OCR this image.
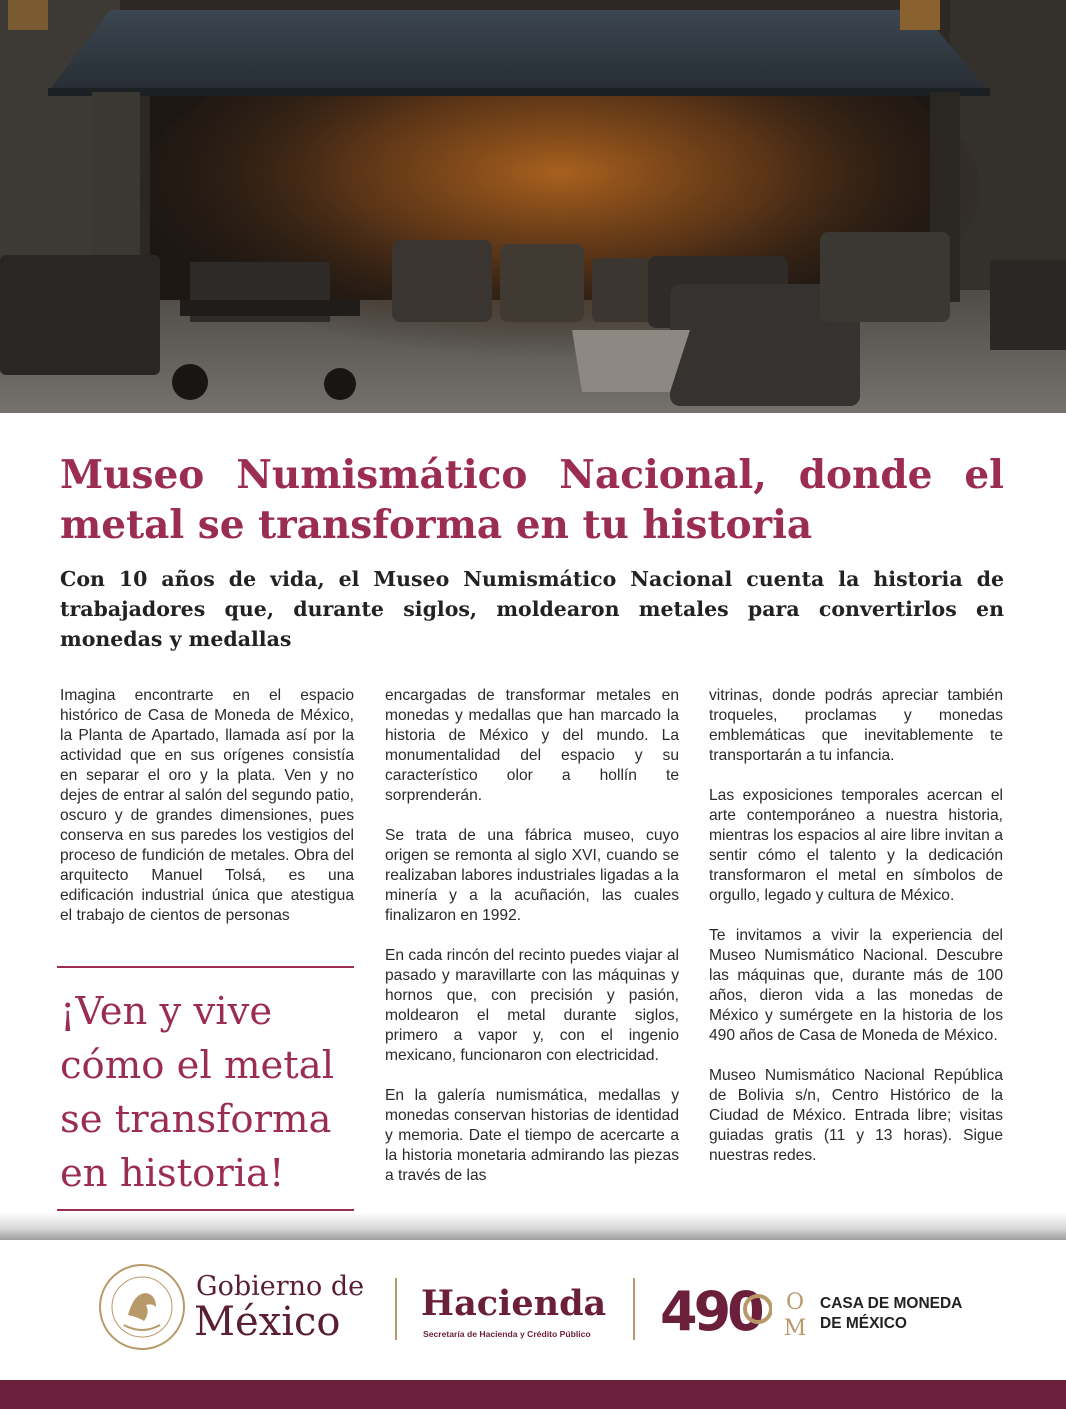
Museo Numismático Nacional, donde el metal se transforma en tu historia
Con 10 años de vida, el Museo Numismático Nacional cuenta la historia de trabajadores que, durante siglos, moldearon metales para convertirlos en monedas y medallas

Imagina encontrarte en el espacio histórico de Casa de Moneda de México, la Planta de Apartado, llamada así por la actividad que en sus orígenes consistía en separar el oro y la plata. Ven y no dejes de entrar al salón del segundo patio, oscuro y de grandes dimensiones, pues conserva en sus paredes los vestigios del proceso de fundición de metales. Obra del arquitecto Manuel Tolsá, es una edificación industrial única que atestigua el trabajo de cientos de personas

¡Ven y vive cómo el metal se transforma en historia!

encargadas de transformar metales en monedas y medallas que han marcado la historia de México y del mundo. La monumentalidad del espacio y su característico olor a hollín te sorprenderán.

Se trata de una fábrica museo, cuyo origen se remonta al siglo XVI, cuando se realizaban labores industriales ligadas a la minería y a la acuñación, las cuales finalizaron en 1992.

En cada rincón del recinto puedes viajar al pasado y maravillarte con las máquinas y hornos que, con precisión y pasión, moldearon el metal durante siglos, primero a vapor y, con el ingenio mexicano, funcionaron con electricidad.

En la galería numismática, medallas y monedas conservan historias de identidad y memoria. Date el tiempo de acercarte a la historia monetaria admirando las piezas a través de las

vitrinas, donde podrás apreciar también troqueles, proclamas y monedas emblemáticas que inevitablemente te transportarán a tu infancia.

Las exposiciones temporales acercan el arte contemporáneo a nuestra historia, mientras los espacios al aire libre invitan a sentir cómo el talento y la dedicación transformaron el metal en símbolos de orgullo, legado y cultura de México.

Te invitamos a vivir la experiencia del Museo Numismático Nacional. Descubre las máquinas que, durante más de 100 años, dieron vida a las monedas de México y sumérgete en la historia de los 490 años de Casa de Moneda de México.

Museo Numismático Nacional República de Bolivia s/n, Centro Histórico de la Ciudad de México. Entrada libre; visitas guiadas gratis (11 y 13 horas). Sigue nuestras redes.

Gobierno de
México Hacienda
Secretaría de Hacienda y Crédito Público 490 O M
CASA DE MONEDA
DE MÉXICO
